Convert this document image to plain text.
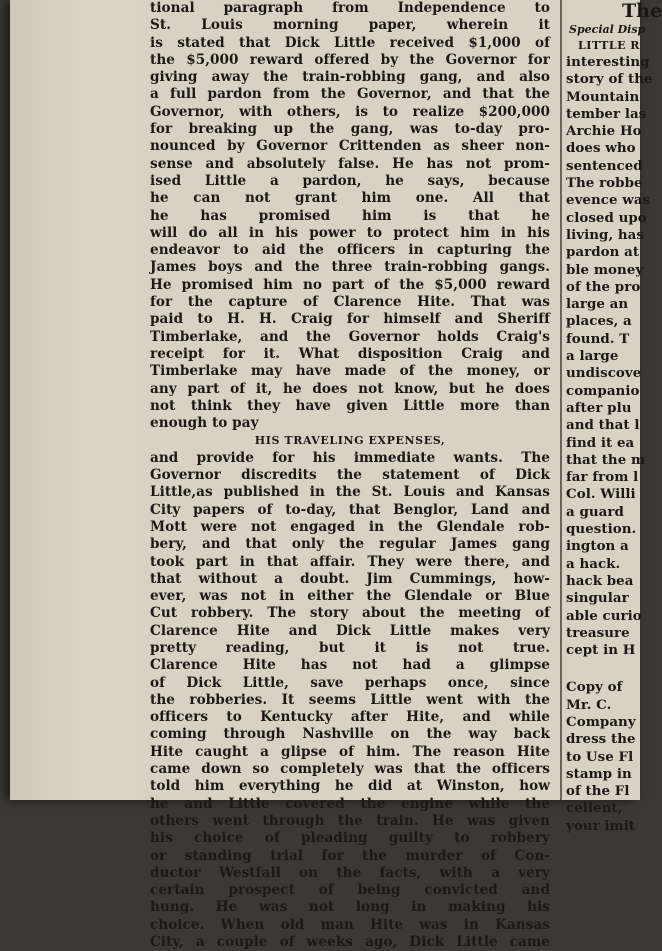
tional paragraph from Independence to
St. Louis morning paper, wherein it
is stated that Dick Little received $1,000 of
the $5,000 reward offered by the Governor for
giving away the train-robbing gang, and also
a full pardon from the Governor, and that the
Governor, with others, is to realize $200,000
for breaking up the gang, was to-day pro-
nounced by Governor Crittenden as sheer non-
sense and absolutely false. He has not prom-
ised Little a pardon, he says, because
he can not grant him one. All that
he has promised him is that he
will do all in his power to protect him in his
endeavor to aid the officers in capturing the
James boys and the three train-robbing gangs.
He promised him no part of the $5,000 reward
for the capture of Clarence Hite. That was
paid to H. H. Craig for himself and Sheriff
Timberlake, and the Governor holds Craig's
receipt for it. What disposition Craig and
Timberlake may have made of the money, or
any part of it, he does not know, but he does
not think they have given Little more than
enough to pay
HIS TRAVELING EXPENSES,
and provide for his immediate wants. The
Governor discredits the statement of Dick
Little,as published in the St. Louis and Kansas
City papers of to-day, that Benglor, Land and
Mott were not engaged in the Glendale rob-
bery, and that only the regular James gang
took part in that affair. They were there, and
that without a doubt. Jim Cummings, how-
ever, was not in either the Glendale or Blue
Cut robbery. The story about the meeting of
Clarence Hite and Dick Little makes very
pretty reading, but it is not true.
Clarence Hite has not had a glimpse
of Dick Little, save perhaps once, since
the robberies. It seems Little went with the
officers to Kentucky after Hite, and while
coming through Nashville on the way back
Hite caught a glipse of him. The reason Hite
came down so completely was that the officers
told him everything he did at Winston, how
he and Little covered the engine while the
others went through the train. He was given
his choice of pleading guilty to robbery
or standing trial for the murder of Con-
ductor Westfall on the facts, with a very
certain prospect of being convicted and
hung. He was not long in making his
choice. When old man Hite was in Kansas
City, a couple of weeks ago, Dick Little came
The
Special Disp
LITTLE R
interesting
story of the
Mountain
tember las
Archie Ho
does who
sentenced
The robbe
evence was
closed upo
living, has
pardon at
ble money
of the pro
large an
places, a
found. T
a large
undiscove
companio
after plu
and that l
find it ea
that the m
far from l
Col. Willi
a guard
question.
ington a
a hack.
hack bea
singular
able curio
treasure
cept in H
Copy of
Mr. C.
Company
dress the
to Use Fl
stamp in
of the Fl
cellent,
your imit
